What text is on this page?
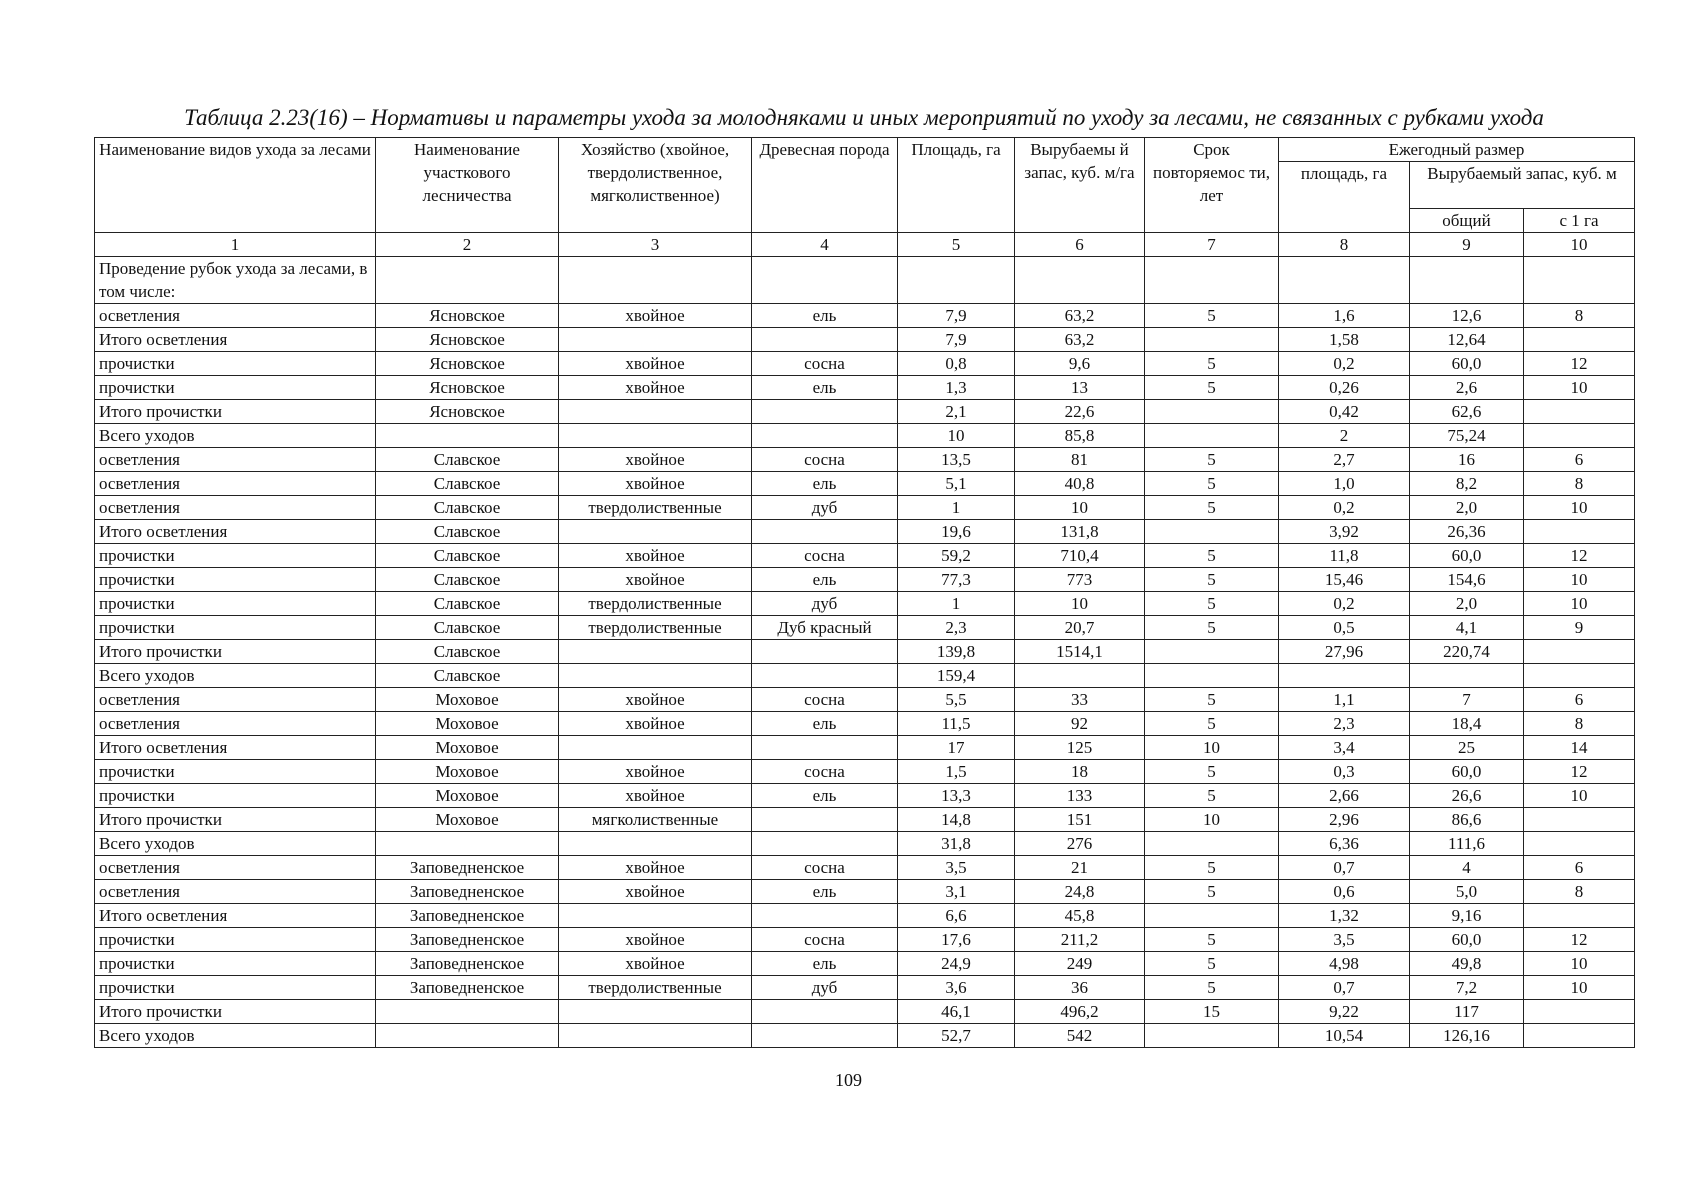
Таблица 2.23(16) – Нормативы и параметры ухода за молодняками и иных мероприятий по уходу за лесами, не связанных с рубками ухода
Наименование видов ухода за лесами	Наименование участкового лесничества	Хозяйство (хвойное, твердолиственное, мягколиственное)	Древесная порода	Площадь, га	Вырубаемы й запас, куб. м/га	Срок повторяемос ти, лет	Ежегодный размер		
							площадь, га	Вырубаемый запас, куб. м	
								общий	с 1 га
1	2	3	4	5	6	7	8	9	10
Проведение рубок ухода за лесами, в том числе:									
осветления	Ясновское	хвойное	ель	7,9	63,2	5	1,6	12,6	8
Итого осветления	Ясновское			7,9	63,2		1,58	12,64	
прочистки	Ясновское	хвойное	сосна	0,8	9,6	5	0,2	60,0	12
прочистки	Ясновское	хвойное	ель	1,3	13	5	0,26	2,6	10
Итого прочистки	Ясновское			2,1	22,6		0,42	62,6	
Всего уходов				10	85,8		2	75,24	
осветления	Славское	хвойное	сосна	13,5	81	5	2,7	16	6
осветления	Славское	хвойное	ель	5,1	40,8	5	1,0	8,2	8
осветления	Славское	твердолиственные	дуб	1	10	5	0,2	2,0	10
Итого осветления	Славское			19,6	131,8		3,92	26,36	
прочистки	Славское	хвойное	сосна	59,2	710,4	5	11,8	60,0	12
прочистки	Славское	хвойное	ель	77,3	773	5	15,46	154,6	10
прочистки	Славское	твердолиственные	дуб	1	10	5	0,2	2,0	10
прочистки	Славское	твердолиственные	Дуб красный	2,3	20,7	5	0,5	4,1	9
Итого прочистки	Славское			139,8	1514,1		27,96	220,74	
Всего уходов	Славское			159,4					
осветления	Моховое	хвойное	сосна	5,5	33	5	1,1	7	6
осветления	Моховое	хвойное	ель	11,5	92	5	2,3	18,4	8
Итого осветления	Моховое			17	125	10	3,4	25	14
прочистки	Моховое	хвойное	сосна	1,5	18	5	0,3	60,0	12
прочистки	Моховое	хвойное	ель	13,3	133	5	2,66	26,6	10
Итого прочистки	Моховое	мягколиственные		14,8	151	10	2,96	86,6	
Всего уходов				31,8	276		6,36	111,6	
осветления	Заповедненское	хвойное	сосна	3,5	21	5	0,7	4	6
осветления	Заповедненское	хвойное	ель	3,1	24,8	5	0,6	5,0	8
Итого осветления	Заповедненское			6,6	45,8		1,32	9,16	
прочистки	Заповедненское	хвойное	сосна	17,6	211,2	5	3,5	60,0	12
прочистки	Заповедненское	хвойное	ель	24,9	249	5	4,98	49,8	10
прочистки	Заповедненское	твердолиственные	дуб	3,6	36	5	0,7	7,2	10
Итого прочистки				46,1	496,2	15	9,22	117	
Всего уходов				52,7	542		10,54	126,16	
109
